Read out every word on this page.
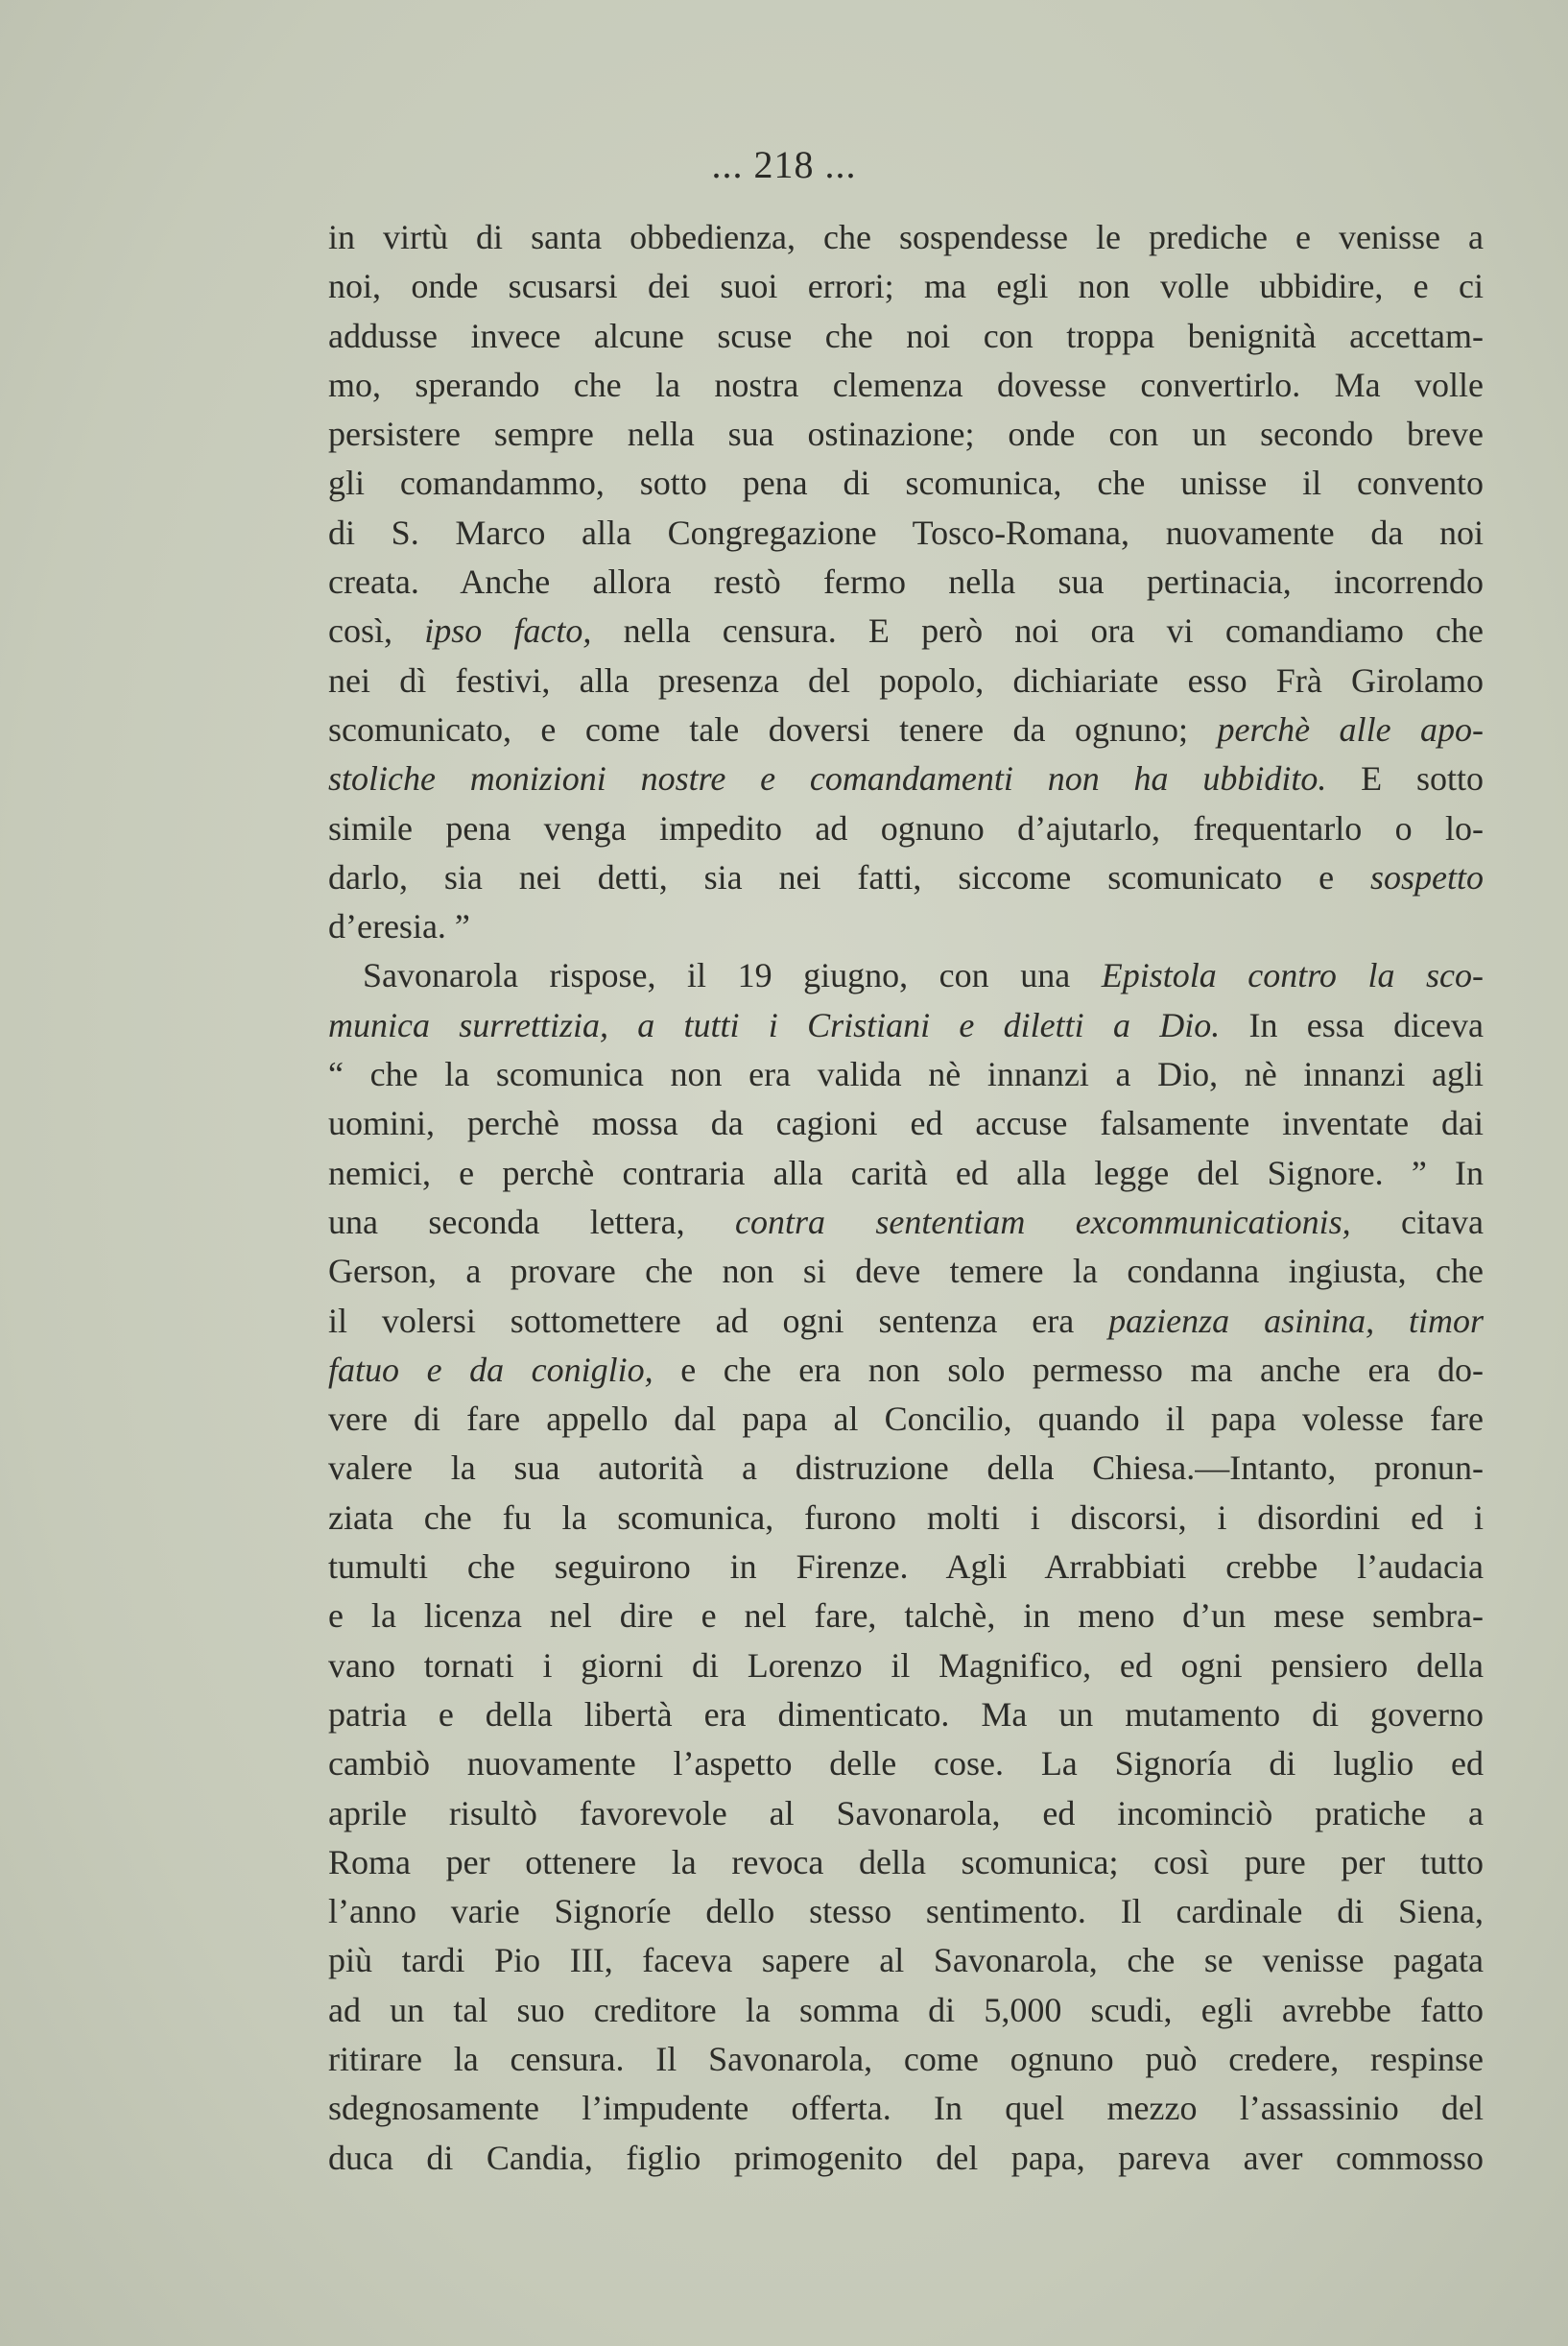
... 218 ...
in virtù di santa obbedienza, che sospendesse le prediche e venisse a
noi, onde scusarsi dei suoi errori; ma egli non volle ubbidire, e ci
addusse invece alcune scuse che noi con troppa benignità accettam-
mo, sperando che la nostra clemenza dovesse convertirlo. Ma volle
persistere sempre nella sua ostinazione; onde con un secondo breve
gli comandammo, sotto pena di scomunica, che unisse il convento
di S. Marco alla Congregazione Tosco-Romana, nuovamente da noi
creata. Anche allora restò fermo nella sua pertinacia, incorrendo
così, ipso facto, nella censura. E però noi ora vi comandiamo che
nei dì festivi, alla presenza del popolo, dichiariate esso Frà Girolamo
scomunicato, e come tale doversi tenere da ognuno; perchè alle apo-
stoliche monizioni nostre e comandamenti non ha ubbidito. E sotto
simile pena venga impedito ad ognuno d’ajutarlo, frequentarlo o lo-
darlo, sia nei detti, sia nei fatti, siccome scomunicato e sospetto
d’eresia. ”
Savonarola rispose, il 19 giugno, con una Epistola contro la sco-
munica surrettizia, a tutti i Cristiani e diletti a Dio. In essa diceva
“ che la scomunica non era valida nè innanzi a Dio, nè innanzi agli
uomini, perchè mossa da cagioni ed accuse falsamente inventate dai
nemici, e perchè contraria alla carità ed alla legge del Signore. ” In
una seconda lettera, contra sententiam excommunicationis, citava
Gerson, a provare che non si deve temere la condanna ingiusta, che
il volersi sottomettere ad ogni sentenza era pazienza asinina, timor
fatuo e da coniglio, e che era non solo permesso ma anche era do-
vere di fare appello dal papa al Concilio, quando il papa volesse fare
valere la sua autorità a distruzione della Chiesa.—Intanto, pronun-
ziata che fu la scomunica, furono molti i discorsi, i disordini ed i
tumulti che seguirono in Firenze. Agli Arrabbiati crebbe l’audacia
e la licenza nel dire e nel fare, talchè, in meno d’un mese sembra-
vano tornati i giorni di Lorenzo il Magnifico, ed ogni pensiero della
patria e della libertà era dimenticato. Ma un mutamento di governo
cambiò nuovamente l’aspetto delle cose. La Signoría di luglio ed
aprile risultò favorevole al Savonarola, ed incominciò pratiche a
Roma per ottenere la revoca della scomunica; così pure per tutto
l’anno varie Signoríe dello stesso sentimento. Il cardinale di Siena,
più tardi Pio III, faceva sapere al Savonarola, che se venisse pagata
ad un tal suo creditore la somma di 5,000 scudi, egli avrebbe fatto
ritirare la censura. Il Savonarola, come ognuno può credere, respinse
sdegnosamente l’impudente offerta. In quel mezzo l’assassinio del
duca di Candia, figlio primogenito del papa, pareva aver commosso
